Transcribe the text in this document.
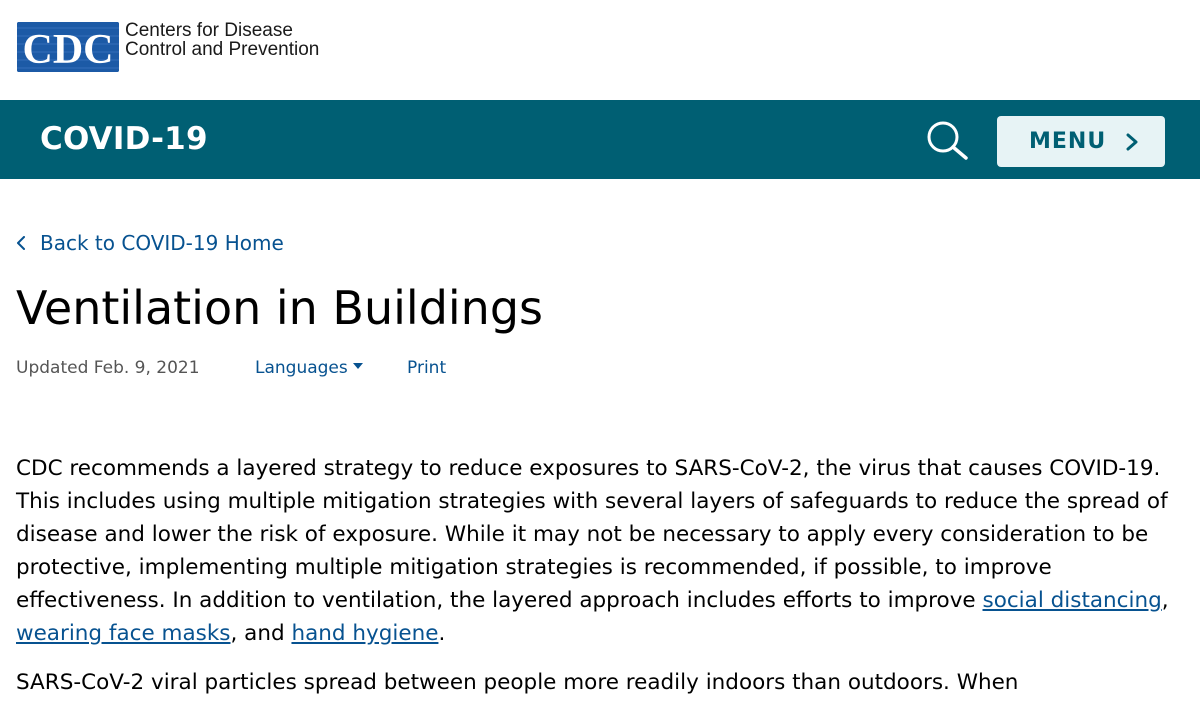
CDC Centers for Disease
Control and Prevention
COVID-19	MENU
Back to COVID-19 Home
Ventilation in Buildings
Updated Feb. 9, 2021	Languages	Print

CDC recommends a layered strategy to reduce exposures to SARS-CoV-2, the virus that causes COVID-19. This includes using multiple mitigation strategies with several layers of safeguards to reduce the spread of disease and lower the risk of exposure. While it may not be necessary to apply every consideration to be protective, implementing multiple mitigation strategies is recommended, if possible, to improve effectiveness. In addition to ventilation, the layered approach includes efforts to improve social distancing, wearing face masks, and hand hygiene.

SARS-CoV-2 viral particles spread between people more readily indoors than outdoors. When
